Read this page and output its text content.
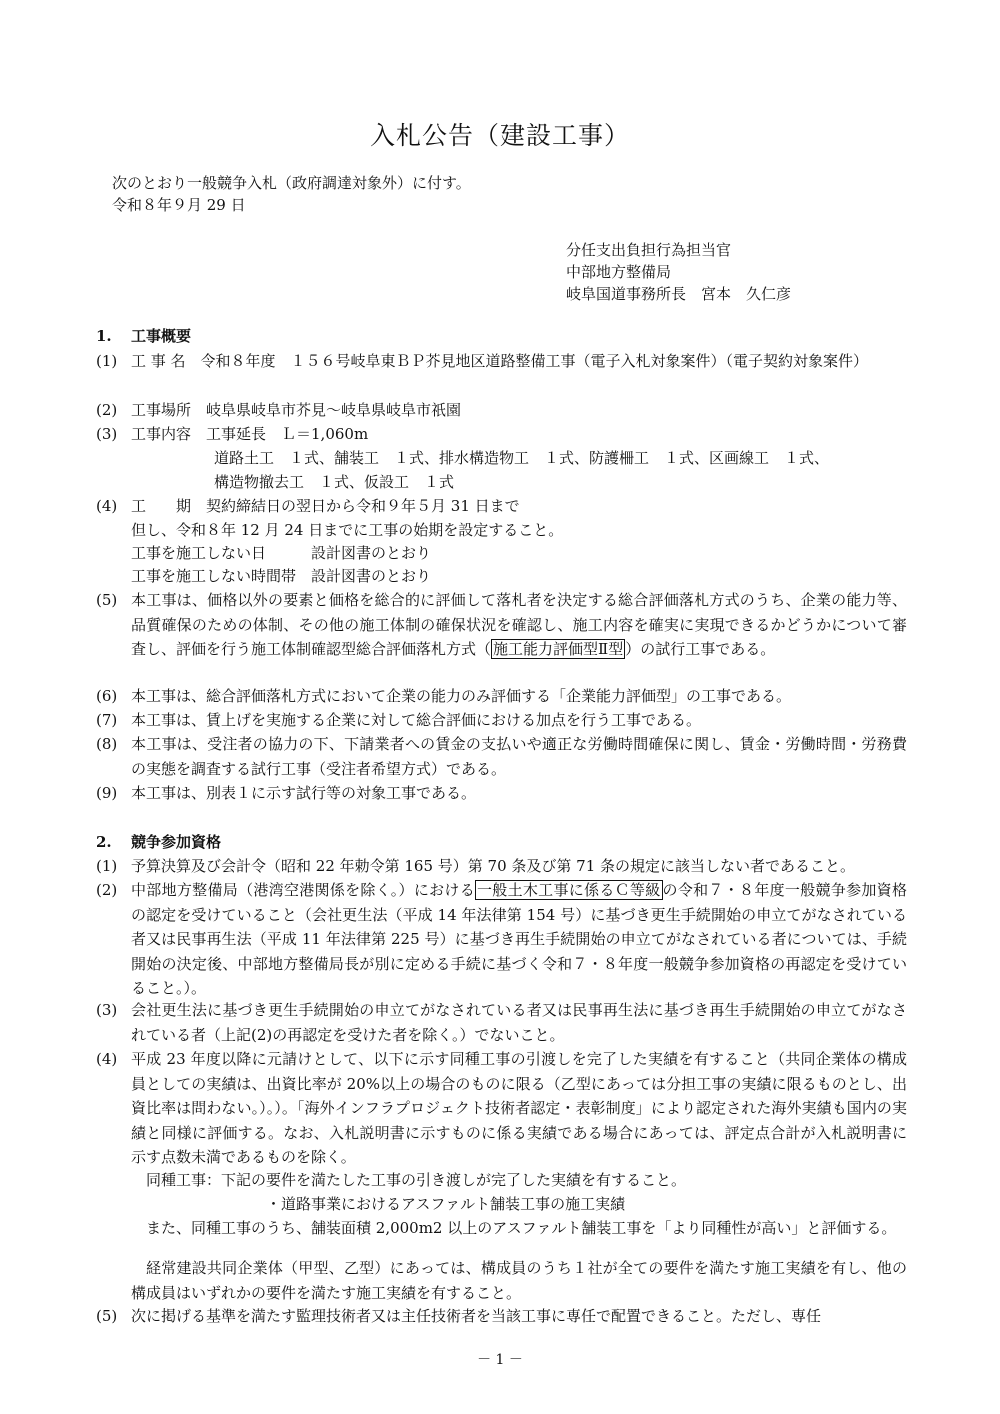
入札公告（建設工事）
次のとおり一般競争入札（政府調達対象外）に付す。
令和８年９月 29 日
分任支出負担行為担当官
中部地方整備局
岐阜国道事務所長　宮本　久仁彦
1. 工事概要
(1) 工 事 名　令和８年度　１５６号岐阜東ＢＰ芥見地区道路整備工事（電子入札対象案件）（電子契約対象案件）
(2) 工事場所　岐阜県岐阜市芥見～岐阜県岐阜市祇園
(3) 工事内容　工事延長　Ｌ＝1,060m
道路土工　１式、舗装工　１式、排水構造物工　１式、防護柵工　１式、区画線工　１式、
構造物撤去工　１式、仮設工　１式
(4) 工　　期　契約締結日の翌日から令和９年５月 31 日まで
但し、令和８年 12 月 24 日までに工事の始期を設定すること。
工事を施工しない日　　　設計図書のとおり
工事を施工しない時間帯　設計図書のとおり
(5) 本工事は、価格以外の要素と価格を総合的に評価して落札者を決定する総合評価落札方式のうち、企業の能力等、品質確保のための体制、その他の施工体制の確保状況を確認し、施工内容を確実に実現できるかどうかについて審査し、評価を行う施工体制確認型総合評価落札方式（ 施工能力評価型Ⅱ型 ）の試行工事である。
(6) 本工事は、総合評価落札方式において企業の能力のみ評価する「企業能力評価型」の工事である。
(7) 本工事は、賃上げを実施する企業に対して総合評価における加点を行う工事である。
(8) 本工事は、受注者の協力の下、下請業者への賃金の支払いや適正な労働時間確保に関し、賃金・労働時間・労務費の実態を調査する試行工事（受注者希望方式）である。
(9) 本工事は、別表１に示す試行等の対象工事である。
2. 競争参加資格
(1) 予算決算及び会計令（昭和 22 年勅令第 165 号）第 70 条及び第 71 条の規定に該当しない者であること。
(2) 中部地方整備局（港湾空港関係を除く。）における 一般土木工事に係るＣ等級 の令和７・８年度一般競争参加資格の認定を受けていること（会社更生法（平成 14 年法律第 154 号）に基づき更生手続開始の申立てがなされている者又は民事再生法（平成 11 年法律第 225 号）に基づき再生手続開始の申立てがなされている者については、手続開始の決定後、中部地方整備局長が別に定める手続に基づく令和７・８年度一般競争参加資格の再認定を受けていること。）。
(3) 会社更生法に基づき更生手続開始の申立てがなされている者又は民事再生法に基づき再生手続開始の申立てがなされている者（上記(2)の再認定を受けた者を除く。）でないこと。
(4) 平成 23 年度以降に元請けとして、以下に示す同種工事の引渡しを完了した実績を有すること（共同企業体の構成員としての実績は、出資比率が 20%以上の場合のものに限る（乙型にあっては分担工事の実績に限るものとし、出資比率は問わない。）。）。「海外インフラプロジェクト技術者認定・表彰制度」により認定された海外実績も国内の実績と同様に評価する。なお、入札説明書に示すものに係る実績である場合にあっては、評定点合計が入札説明書に示す点数未満であるものを除く。
同種工事：下記の要件を満たした工事の引き渡しが完了した実績を有すること。
・道路事業におけるアスファルト舗装工事の施工実績
また、同種工事のうち、舗装面積 2,000m2 以上のアスファルト舗装工事を「より同種性が高い」と評価する。
経常建設共同企業体（甲型、乙型）にあっては、構成員のうち１社が全ての要件を満たす施工実績を有し、他の構成員はいずれかの要件を満たす施工実績を有すること。
(5) 次に掲げる基準を満たす監理技術者又は主任技術者を当該工事に専任で配置できること。ただし、専任
－ 1 －
